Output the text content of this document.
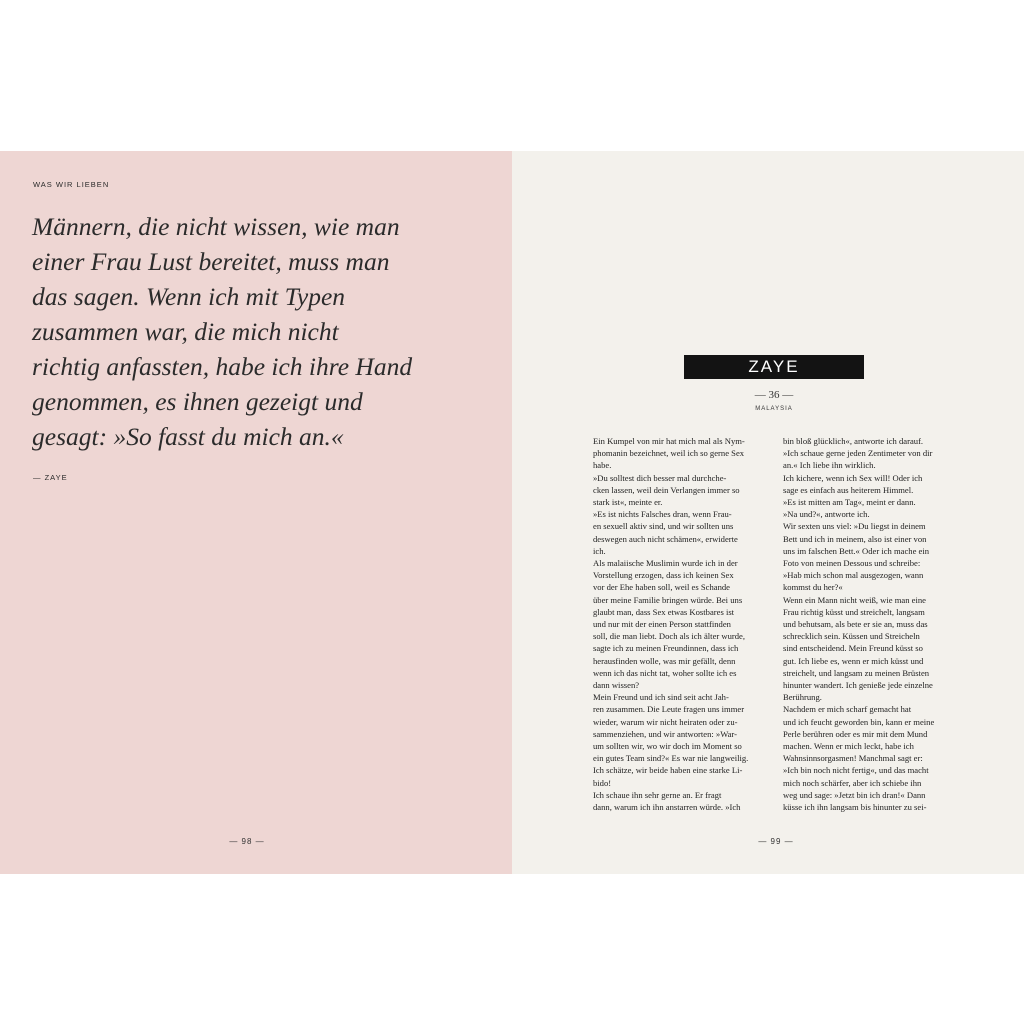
WAS WIR LIEBEN
Männern, die nicht wissen, wie man
einer Frau Lust bereitet, muss man
das sagen. Wenn ich mit Typen
zusammen war, die mich nicht
richtig anfassten, habe ich ihre Hand
genommen, es ihnen gezeigt und
gesagt: »So fasst du mich an.«
— ZAYE
— 98 —
ZAYE
— 36 —
MALAYSIA
Ein Kumpel von mir hat mich mal als Nym-
phomanin bezeichnet, weil ich so gerne Sex
habe.
»Du solltest dich besser mal durchche-
cken lassen, weil dein Verlangen immer so
stark ist«, meinte er.
»Es ist nichts Falsches dran, wenn Frau-
en sexuell aktiv sind, und wir sollten uns
deswegen auch nicht schämen«, erwiderte
ich.
Als malaiische Muslimin wurde ich in der
Vorstellung erzogen, dass ich keinen Sex
vor der Ehe haben soll, weil es Schande
über meine Familie bringen würde. Bei uns
glaubt man, dass Sex etwas Kostbares ist
und nur mit der einen Person stattfinden
soll, die man liebt. Doch als ich älter wurde,
sagte ich zu meinen Freundinnen, dass ich
herausfinden wolle, was mir gefällt, denn
wenn ich das nicht tat, woher sollte ich es
dann wissen?
Mein Freund und ich sind seit acht Jah-
ren zusammen. Die Leute fragen uns immer
wieder, warum wir nicht heiraten oder zu-
sammenziehen, und wir antworten: »War-
um sollten wir, wo wir doch im Moment so
ein gutes Team sind?« Es war nie langweilig.
Ich schätze, wir beide haben eine starke Li-
bido!
Ich schaue ihn sehr gerne an. Er fragt
dann, warum ich ihn anstarren würde. »Ich
bin bloß glücklich«, antworte ich darauf.
»Ich schaue gerne jeden Zentimeter von dir
an.« Ich liebe ihn wirklich.
Ich kichere, wenn ich Sex will! Oder ich
sage es einfach aus heiterem Himmel.
»Es ist mitten am Tag«, meint er dann.
»Na und?«, antworte ich.
Wir sexten uns viel: »Du liegst in deinem
Bett und ich in meinem, also ist einer von
uns im falschen Bett.« Oder ich mache ein
Foto von meinen Dessous und schreibe:
»Hab mich schon mal ausgezogen, wann
kommst du her?«
Wenn ein Mann nicht weiß, wie man eine
Frau richtig küsst und streichelt, langsam
und behutsam, als bete er sie an, muss das
schrecklich sein. Küssen und Streicheln
sind entscheidend. Mein Freund küsst so
gut. Ich liebe es, wenn er mich küsst und
streichelt, und langsam zu meinen Brüsten
hinunter wandert. Ich genieße jede einzelne
Berührung.
Nachdem er mich scharf gemacht hat
und ich feucht geworden bin, kann er meine
Perle berühren oder es mir mit dem Mund
machen. Wenn er mich leckt, habe ich
Wahnsinnsorgasmen! Manchmal sagt er:
»Ich bin noch nicht fertig«, und das macht
mich noch schärfer, aber ich schiebe ihn
weg und sage: »Jetzt bin ich dran!« Dann
küsse ich ihn langsam bis hinunter zu sei-
— 99 —
